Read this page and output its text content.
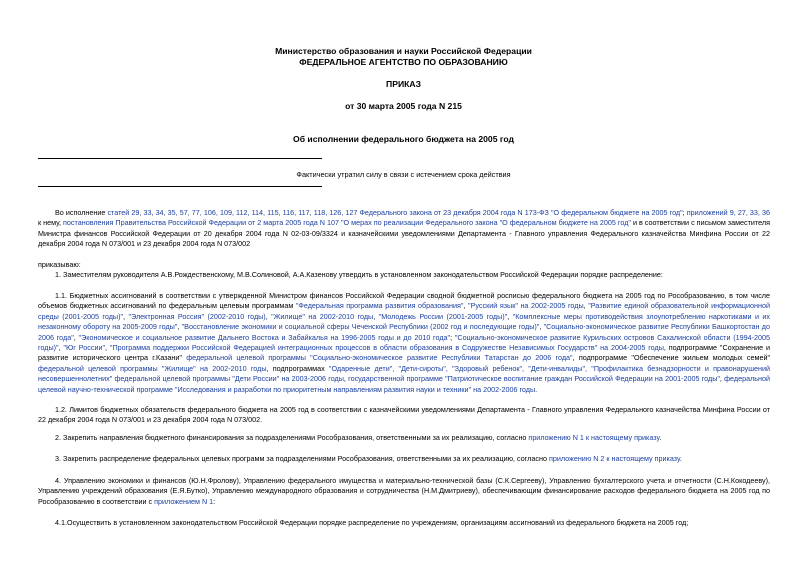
Министерство образования и науки Российской Федерации
ФЕДЕРАЛЬНОЕ АГЕНТСТВО ПО ОБРАЗОВАНИЮ
ПРИКАЗ
от 30 марта 2005 года N 215
Об исполнении федерального бюджета на 2005 год
Фактически утратил силу в связи с истечением срока действия
Во исполнение статей 29, 33, 34, 35, 57, 77, 106, 109, 112, 114, 115, 116, 117, 118, 126, 127 Федерального закона от 23 декабря 2004 года N 173-ФЗ "О федеральном бюджете на 2005 год"; приложений 9, 27, 33, 36 к нему, постановления Правительства Российской Федерации от 2 марта 2005 года N 107 "О мерах по реализации Федерального закона "О федеральном бюджете на 2005 год" и в соответствии с письмом заместителя Министра финансов Российской Федерации от 20 декабря 2004 года N 02-03-09/3324 и казначейскими уведомлениями Департамента - Главного управления Федерального казначейства Минфина России от 22 декабря 2004 года N 073/001 и 23 декабря 2004 года N 073/002
приказываю:
1. Заместителям руководителя А.В.Рождественскому, М.В.Солиновой, А.А.Казенову утвердить в установленном законодательством Российской Федерации порядке распределение:
1.1. Бюджетных ассигнований в соответствии с утвержденной Министром финансов Российской Федерации сводной бюджетной росписью федерального бюджета на 2005 год по Рособразованию, в том числе объемов бюджетных ассигнований по федеральным целевым программам "Федеральная программа развития образования", "Русский язык" на 2002-2005 годы, "Развитие единой образовательной информационной среды (2001-2005 годы)", "Электронная Россия" (2002-2010 годы), "Жилище" на 2002-2010 годы, "Молодежь России (2001-2005 годы)", "Комплексные меры противодействия злоупотреблению наркотиками и их незаконному обороту на 2005-2009 годы", "Восстановление экономики и социальной сферы Чеченской Республики (2002 год и последующие годы)", "Социально-экономическое развитие Республики Башкортостан до 2006 года", "Экономическое и социальное развитие Дальнего Востока и Забайкалья на 1996-2005 годы и до 2010 года"; "Социально-экономическое развитие Курильских островов Сахалинской области (1994-2005 годы)", "Юг России", "Программа поддержки Российской Федерацией интеграционных процессов в области образования в Содружестве Независимых Государств" на 2004-2005 годы, подпрограмме "Сохранение и развитие исторического центра г.Казани" федеральной целевой программы "Социально-экономическое развитие Республики Татарстан до 2006 года", подпрограмме "Обеспечение жильем молодых семей" федеральной целевой программы "Жилище" на 2002-2010 годы, подпрограммах "Одаренные дети", "Дети-сироты", "Здоровый ребенок", "Дети-инвалиды", "Профилактика безнадзорности и правонарушений несовершеннолетних" федеральной целевой программы "Дети России" на 2003-2006 годы, государственной программе "Патриотическое воспитание граждан Российской Федерации на 2001-2005 годы", федеральной целевой научно-технической программе "Исследования и разработки по приоритетным направлениям развития науки и техники" на 2002-2006 годы.
1.2. Лимитов бюджетных обязательств федерального бюджета на 2005 год в соответствии с казначейскими уведомлениями Департамента - Главного управления Федерального казначейства Минфина России от 22 декабря 2004 года N 073/001 и 23 декабря 2004 года N 073/002.
2. Закрепить направления бюджетного финансирования за подразделениями Рособразования, ответственными за их реализацию, согласно приложению N 1 к настоящему приказу.
3. Закрепить распределение федеральных целевых программ за подразделениями Рособразования, ответственными за их реализацию, согласно приложению N 2 к настоящему приказу.
4. Управлению экономики и финансов (Ю.Н.Фролову), Управлению федерального имущества и материально-технической базы (С.К.Сергееву), Управлению бухгалтерского учета и отчетности (С.Н.Кокодееву), Управлению учреждений образования (Е.Я.Бутко), Управлению международного образования и сотрудничества (Н.М.Дмитриеву), обеспечивающим финансирование расходов федерального бюджета на 2005 год по Рособразованию в соответствии с приложением N 1:
4.1.Осуществить в установленном законодательством Российской Федерации порядке распределение по учреждениям, организациям ассигнований из федерального бюджета на 2005 год;
